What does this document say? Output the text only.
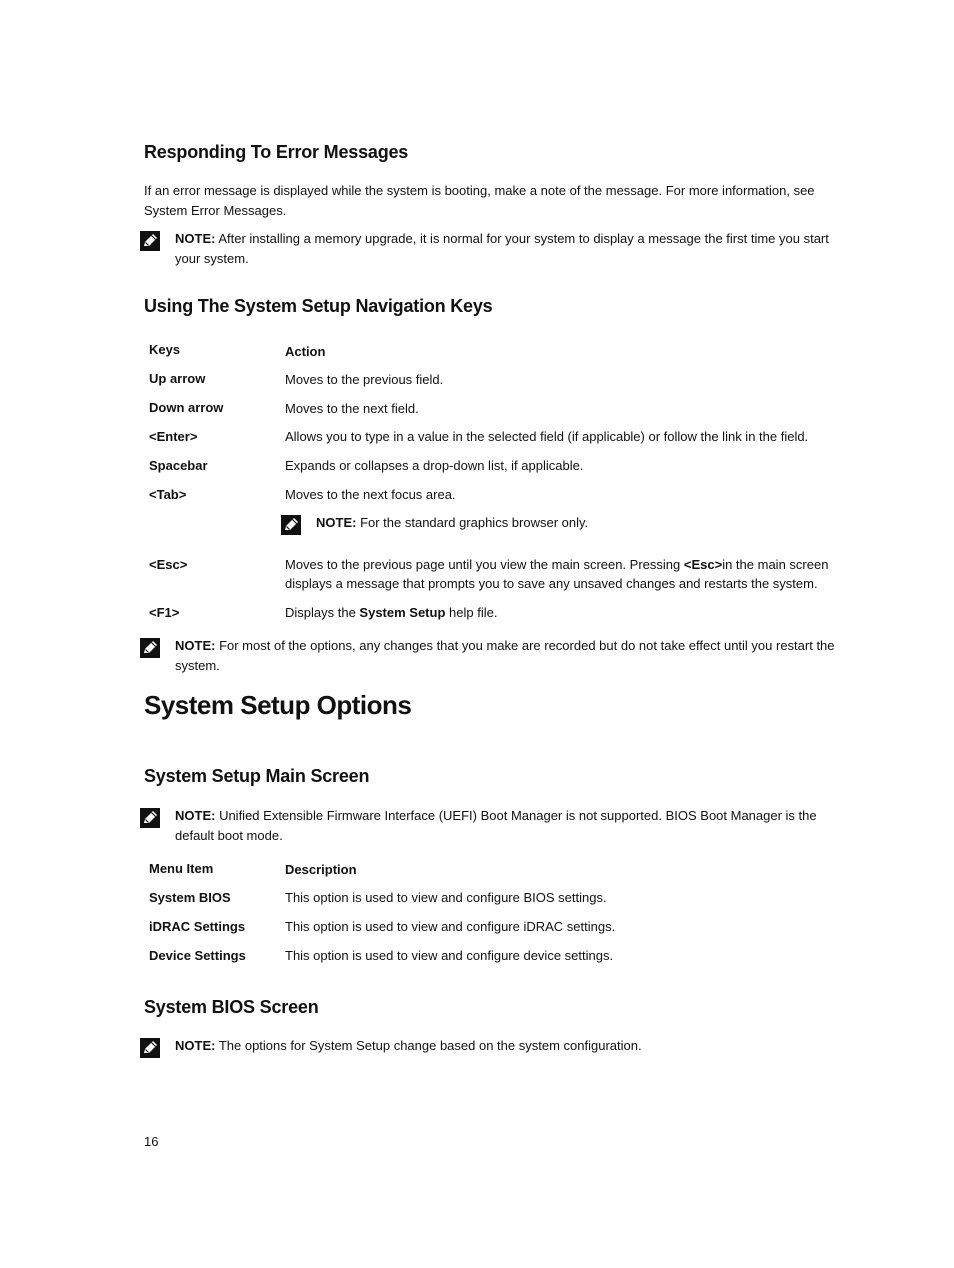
Responding To Error Messages
If an error message is displayed while the system is booting, make a note of the message. For more information, see
System Error Messages.
NOTE: After installing a memory upgrade, it is normal for your system to display a message the first time you start
your system.
Using The System Setup Navigation Keys
Keys	Action
Up arrow	Moves to the previous field.
Down arrow	Moves to the next field.
<Enter>	Allows you to type in a value in the selected field (if applicable) or follow the link in the field.
Spacebar	Expands or collapses a drop-down list, if applicable.
<Tab>	Moves to the next focus area.
NOTE: For the standard graphics browser only.
<Esc>	Moves to the previous page until you view the main screen. Pressing <Esc>in the main screen
displays a message that prompts you to save any unsaved changes and restarts the system.
<F1>	Displays the System Setup help file.
NOTE: For most of the options, any changes that you make are recorded but do not take effect until you restart the
system.
System Setup Options
System Setup Main Screen
NOTE: Unified Extensible Firmware Interface (UEFI) Boot Manager is not supported. BIOS Boot Manager is the
default boot mode.
Menu Item	Description
System BIOS	This option is used to view and configure BIOS settings.
iDRAC Settings	This option is used to view and configure iDRAC settings.
Device Settings	This option is used to view and configure device settings.
System BIOS Screen
NOTE: The options for System Setup change based on the system configuration.
16
